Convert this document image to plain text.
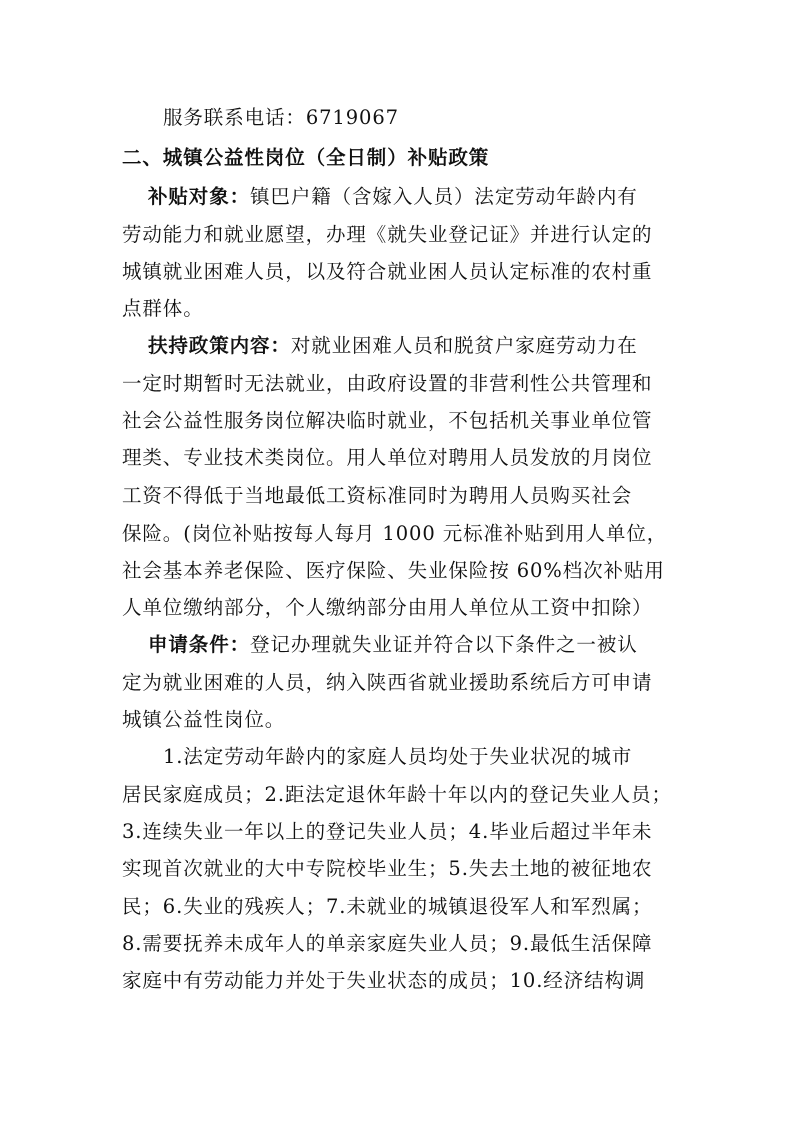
服务联系电话：6719067
二、城镇公益性岗位（全日制）补贴政策
补贴对象：镇巴户籍（含嫁入人员）法定劳动年龄内有
劳动能力和就业愿望，办理《就失业登记证》并进行认定的
城镇就业困难人员，以及符合就业困人员认定标准的农村重
点群体。
扶持政策内容：对就业困难人员和脱贫户家庭劳动力在
一定时期暂时无法就业，由政府设置的非营利性公共管理和
社会公益性服务岗位解决临时就业，不包括机关事业单位管
理类、专业技术类岗位。用人单位对聘用人员发放的月岗位
工资不得低于当地最低工资标准同时为聘用人员购买社会
保险。(岗位补贴按每人每月 1000 元标准补贴到用人单位，
社会基本养老保险、医疗保险、失业保险按 60%档次补贴用
人单位缴纳部分，个人缴纳部分由用人单位从工资中扣除）
申请条件：登记办理就失业证并符合以下条件之一被认
定为就业困难的人员，纳入陕西省就业援助系统后方可申请
城镇公益性岗位。
1.法定劳动年龄内的家庭人员均处于失业状况的城市
居民家庭成员；2.距法定退休年龄十年以内的登记失业人员；
3.连续失业一年以上的登记失业人员；4.毕业后超过半年未
实现首次就业的大中专院校毕业生；5.失去土地的被征地农
民；6.失业的残疾人；7.未就业的城镇退役军人和军烈属；
8.需要抚养未成年人的单亲家庭失业人员；9.最低生活保障
家庭中有劳动能力并处于失业状态的成员；10.经济结构调
